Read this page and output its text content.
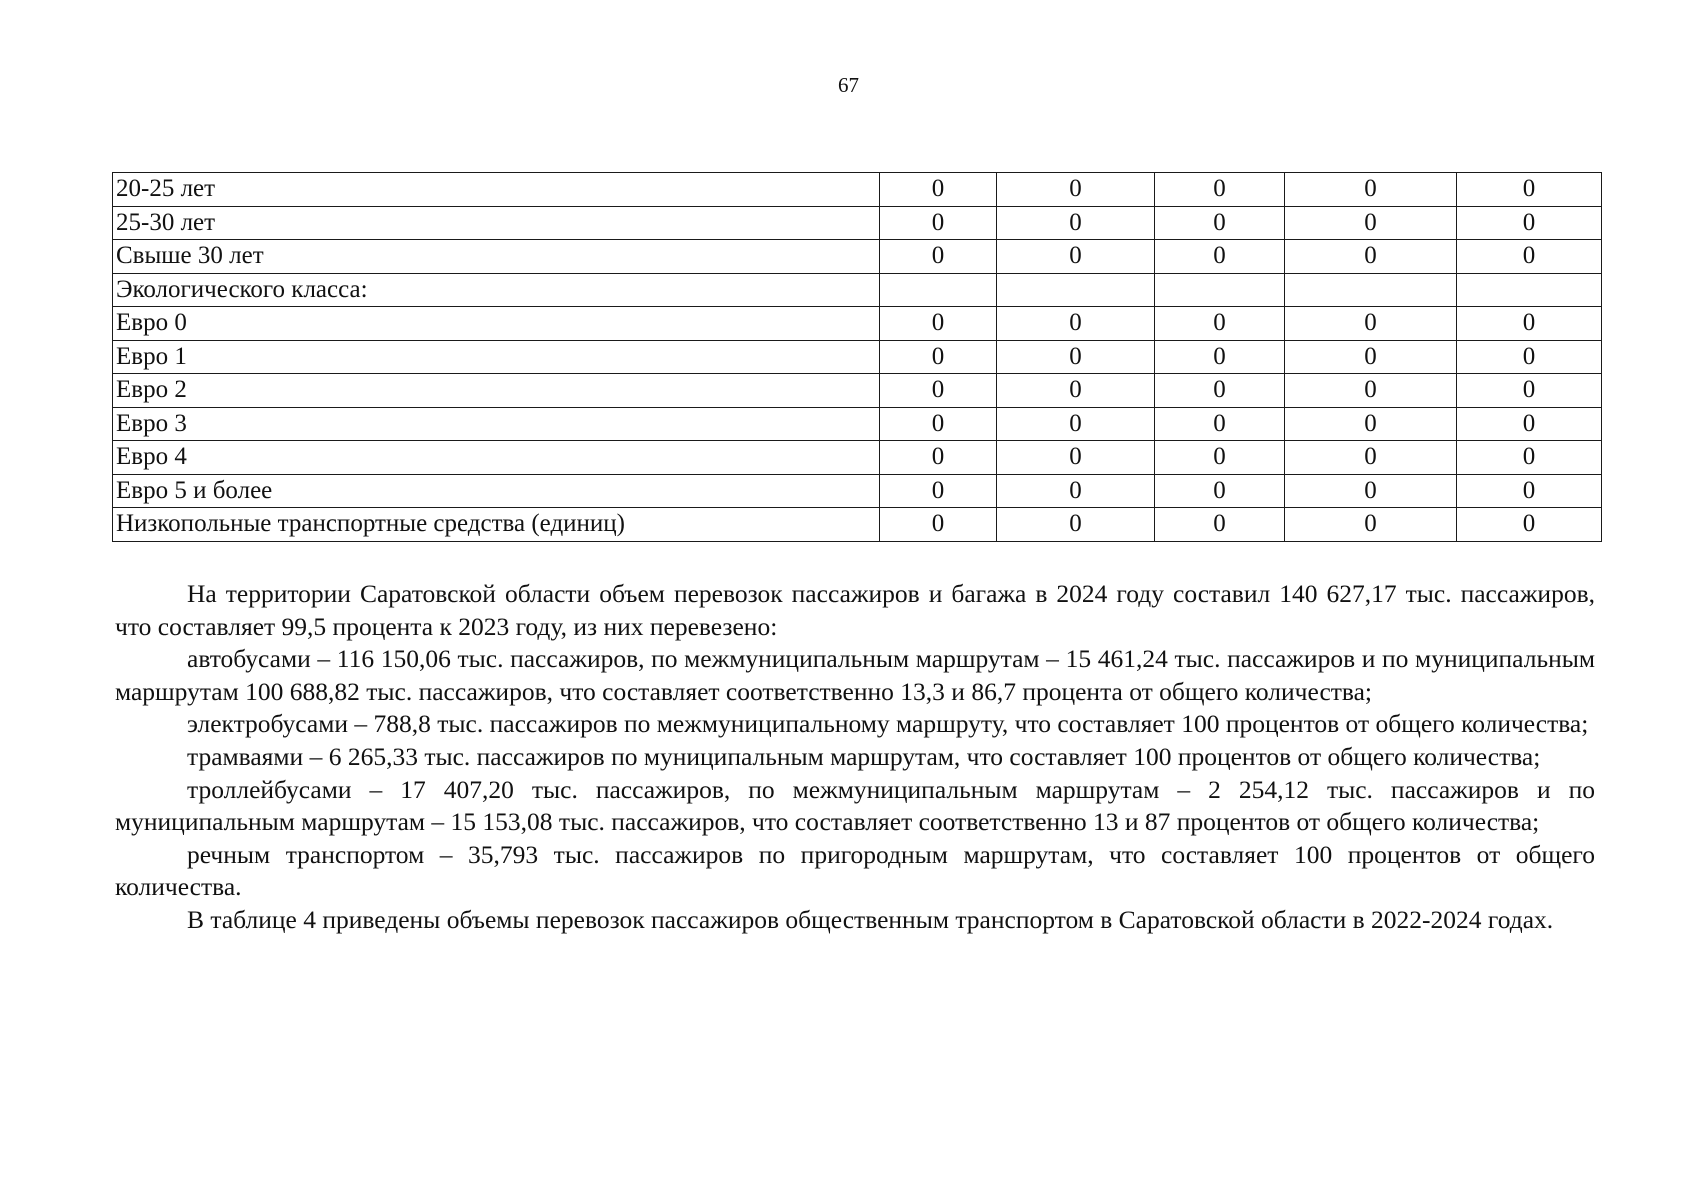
67
20-25 лет	0	0	0	0	0
25-30 лет	0	0	0	0	0
Свыше 30 лет	0	0	0	0	0
Экологического класса:					
Евро 0	0	0	0	0	0
Евро 1	0	0	0	0	0
Евро 2	0	0	0	0	0
Евро 3	0	0	0	0	0
Евро 4	0	0	0	0	0
Евро 5 и более	0	0	0	0	0
Низкопольные транспортные средства (единиц)	0	0	0	0	0

На территории Саратовской области объем перевозок пассажиров и багажа в 2024 году составил 140 627,17 тыс. пассажиров, что составляет 99,5 процента к 2023 году, из них перевезено:

автобусами – 116 150,06 тыс. пассажиров, по межмуниципальным маршрутам – 15 461,24 тыс. пассажиров и по муниципальным маршрутам 100 688,82 тыс. пассажиров, что составляет соответственно 13,3 и 86,7 процента от общего количества;

электробусами – 788,8 тыс. пассажиров по межмуниципальному маршруту, что составляет 100 процентов от общего количества;

трамваями – 6 265,33 тыс. пассажиров по муниципальным маршрутам, что составляет 100 процентов от общего количества;

троллейбусами – 17 407,20 тыс. пассажиров, по межмуниципальным маршрутам – 2 254,12 тыс. пассажиров и по муниципальным маршрутам – 15 153,08 тыс. пассажиров, что составляет соответственно 13 и 87 процентов от общего количества;

речным транспортом – 35,793 тыс. пассажиров по пригородным маршрутам, что составляет 100 процентов от общего количества.

В таблице 4 приведены объемы перевозок пассажиров общественным транспортом в Саратовской области в 2022-2024 годах.
